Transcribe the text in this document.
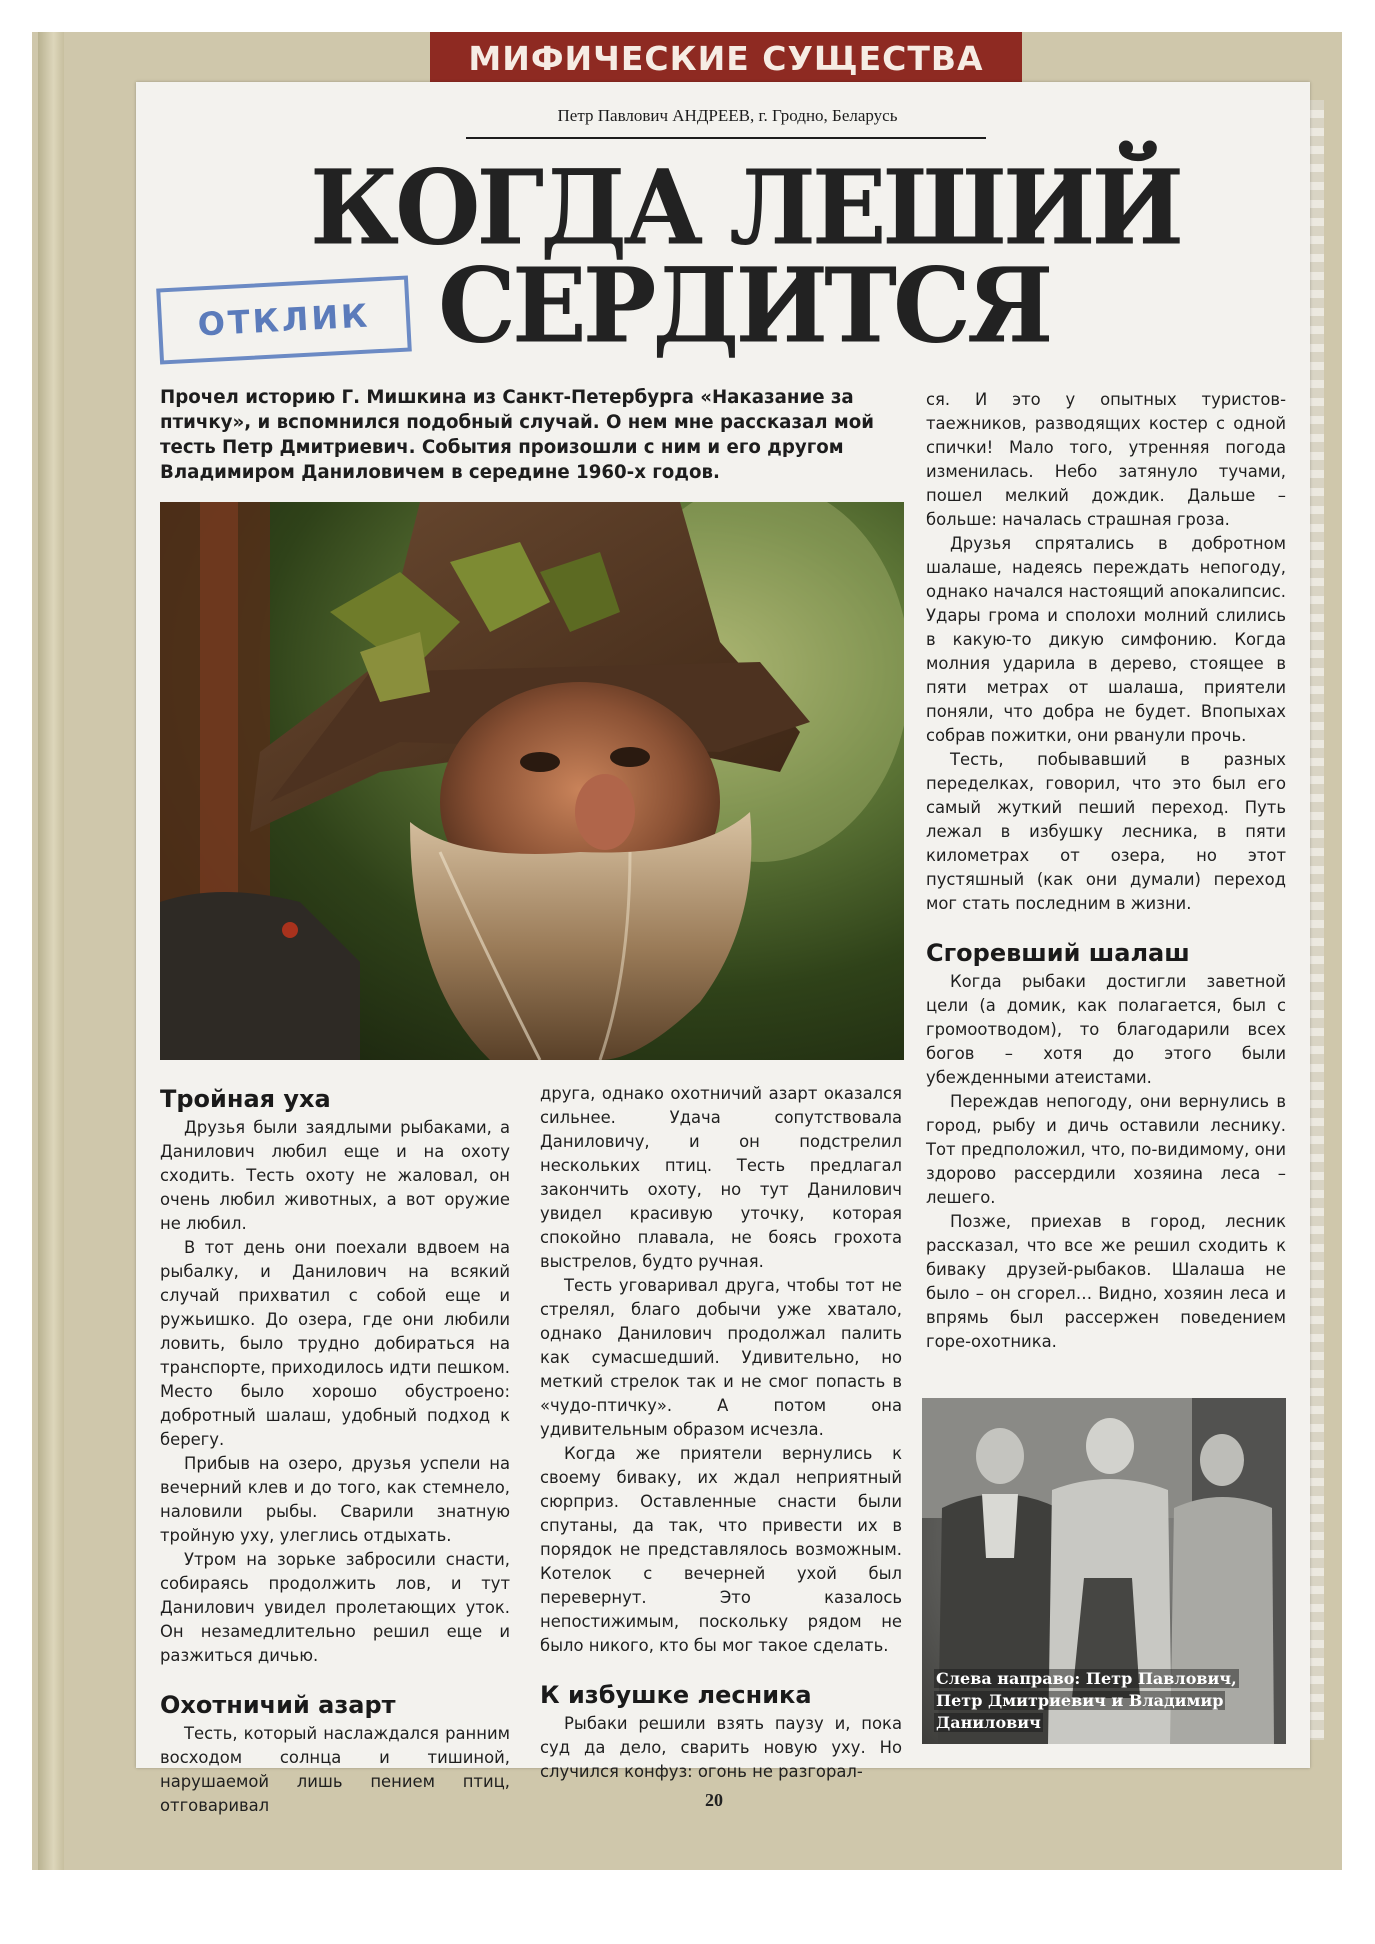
МИФИЧЕСКИЕ СУЩЕСТВА
Петр Павлович АНДРЕЕВ, г. Гродно, Беларусь
КОГДА ЛЕШИЙ
СЕРДИТСЯ
ОТКЛИК

Прочел историю Г. Мишкина из Санкт-Петербурга «Наказание за птичку», и вспомнился подобный случай. О нем мне рассказал мой тесть Петр Дмитриевич. События произошли с ним и его другом Владимиром Даниловичем в середине 1960-х годов.

Тройная уха

Друзья были заядлыми рыбаками, а Данилович любил еще и на охоту сходить. Тесть охоту не жаловал, он очень любил животных, а вот оружие не любил.

В тот день они поехали вдвоем на рыбалку, и Данилович на всякий случай прихватил с собой еще и ружьишко. До озера, где они любили ловить, было трудно добираться на транспорте, приходилось идти пешком. Место было хорошо обустроено: добротный шалаш, удобный подход к берегу.

Прибыв на озеро, друзья успели на вечерний клев и до того, как стемнело, наловили рыбы. Сварили знатную тройную уху, улеглись отдыхать.

Утром на зорьке забросили снасти, собираясь продолжить лов, и тут Данилович увидел пролетающих уток. Он незамедлительно решил еще и разжиться дичью.

Охотничий азарт

Тесть, который наслаждался ранним восходом солнца и тишиной, нарушаемой лишь пением птиц, отговаривал

друга, однако охотничий азарт оказался сильнее. Удача сопутствовала Даниловичу, и он подстрелил нескольких птиц. Тесть предлагал закончить охоту, но тут Данилович увидел красивую уточку, которая спокойно плавала, не боясь грохота выстрелов, будто ручная.

Тесть уговаривал друга, чтобы тот не стрелял, благо добычи уже хватало, однако Данилович продолжал палить как сумасшедший. Удивительно, но меткий стрелок так и не смог попасть в «чудо-птичку». А потом она удивительным образом исчезла.

Когда же приятели вернулись к своему биваку, их ждал неприятный сюрприз. Оставленные снасти были спутаны, да так, что привести их в порядок не представлялось возможным. Котелок с вечерней ухой был перевернут. Это казалось непостижимым, поскольку рядом не было никого, кто бы мог такое сделать.

К избушке лесника

Рыбаки решили взять паузу и, пока суд да дело, сварить новую уху. Но случился конфуз: огонь не разгорал-

ся. И это у опытных туристов-таежников, разводящих костер с одной спички! Мало того, утренняя погода изменилась. Небо затянуло тучами, пошел мелкий дождик. Дальше – больше: началась страшная гроза.

Друзья спрятались в добротном шалаше, надеясь переждать непогоду, однако начался настоящий апокалипсис. Удары грома и сполохи молний слились в какую-то дикую симфонию. Когда молния ударила в дерево, стоящее в пяти метрах от шалаша, приятели поняли, что добра не будет. Впопыхах собрав пожитки, они рванули прочь.

Тесть, побывавший в разных переделках, говорил, что это был его самый жуткий пеший переход. Путь лежал в избушку лесника, в пяти километрах от озера, но этот пустяшный (как они думали) переход мог стать последним в жизни.

Сгоревший шалаш

Когда рыбаки достигли заветной цели (а домик, как полагается, был с громоотводом), то благодарили всех богов – хотя до этого были убежденными атеистами.

Переждав непогоду, они вернулись в город, рыбу и дичь оставили леснику. Тот предположил, что, по-видимому, они здорово рассердили хозяина леса – лешего.

Позже, приехав в город, лесник рассказал, что все же решил сходить к биваку друзей-рыбаков. Шалаша не было – он сгорел… Видно, хозяин леса и впрямь был рассержен поведением горе-охотника.

Слева направо: Петр Павлович,
Петр Дмитриевич и Владимир
Данилович
20
